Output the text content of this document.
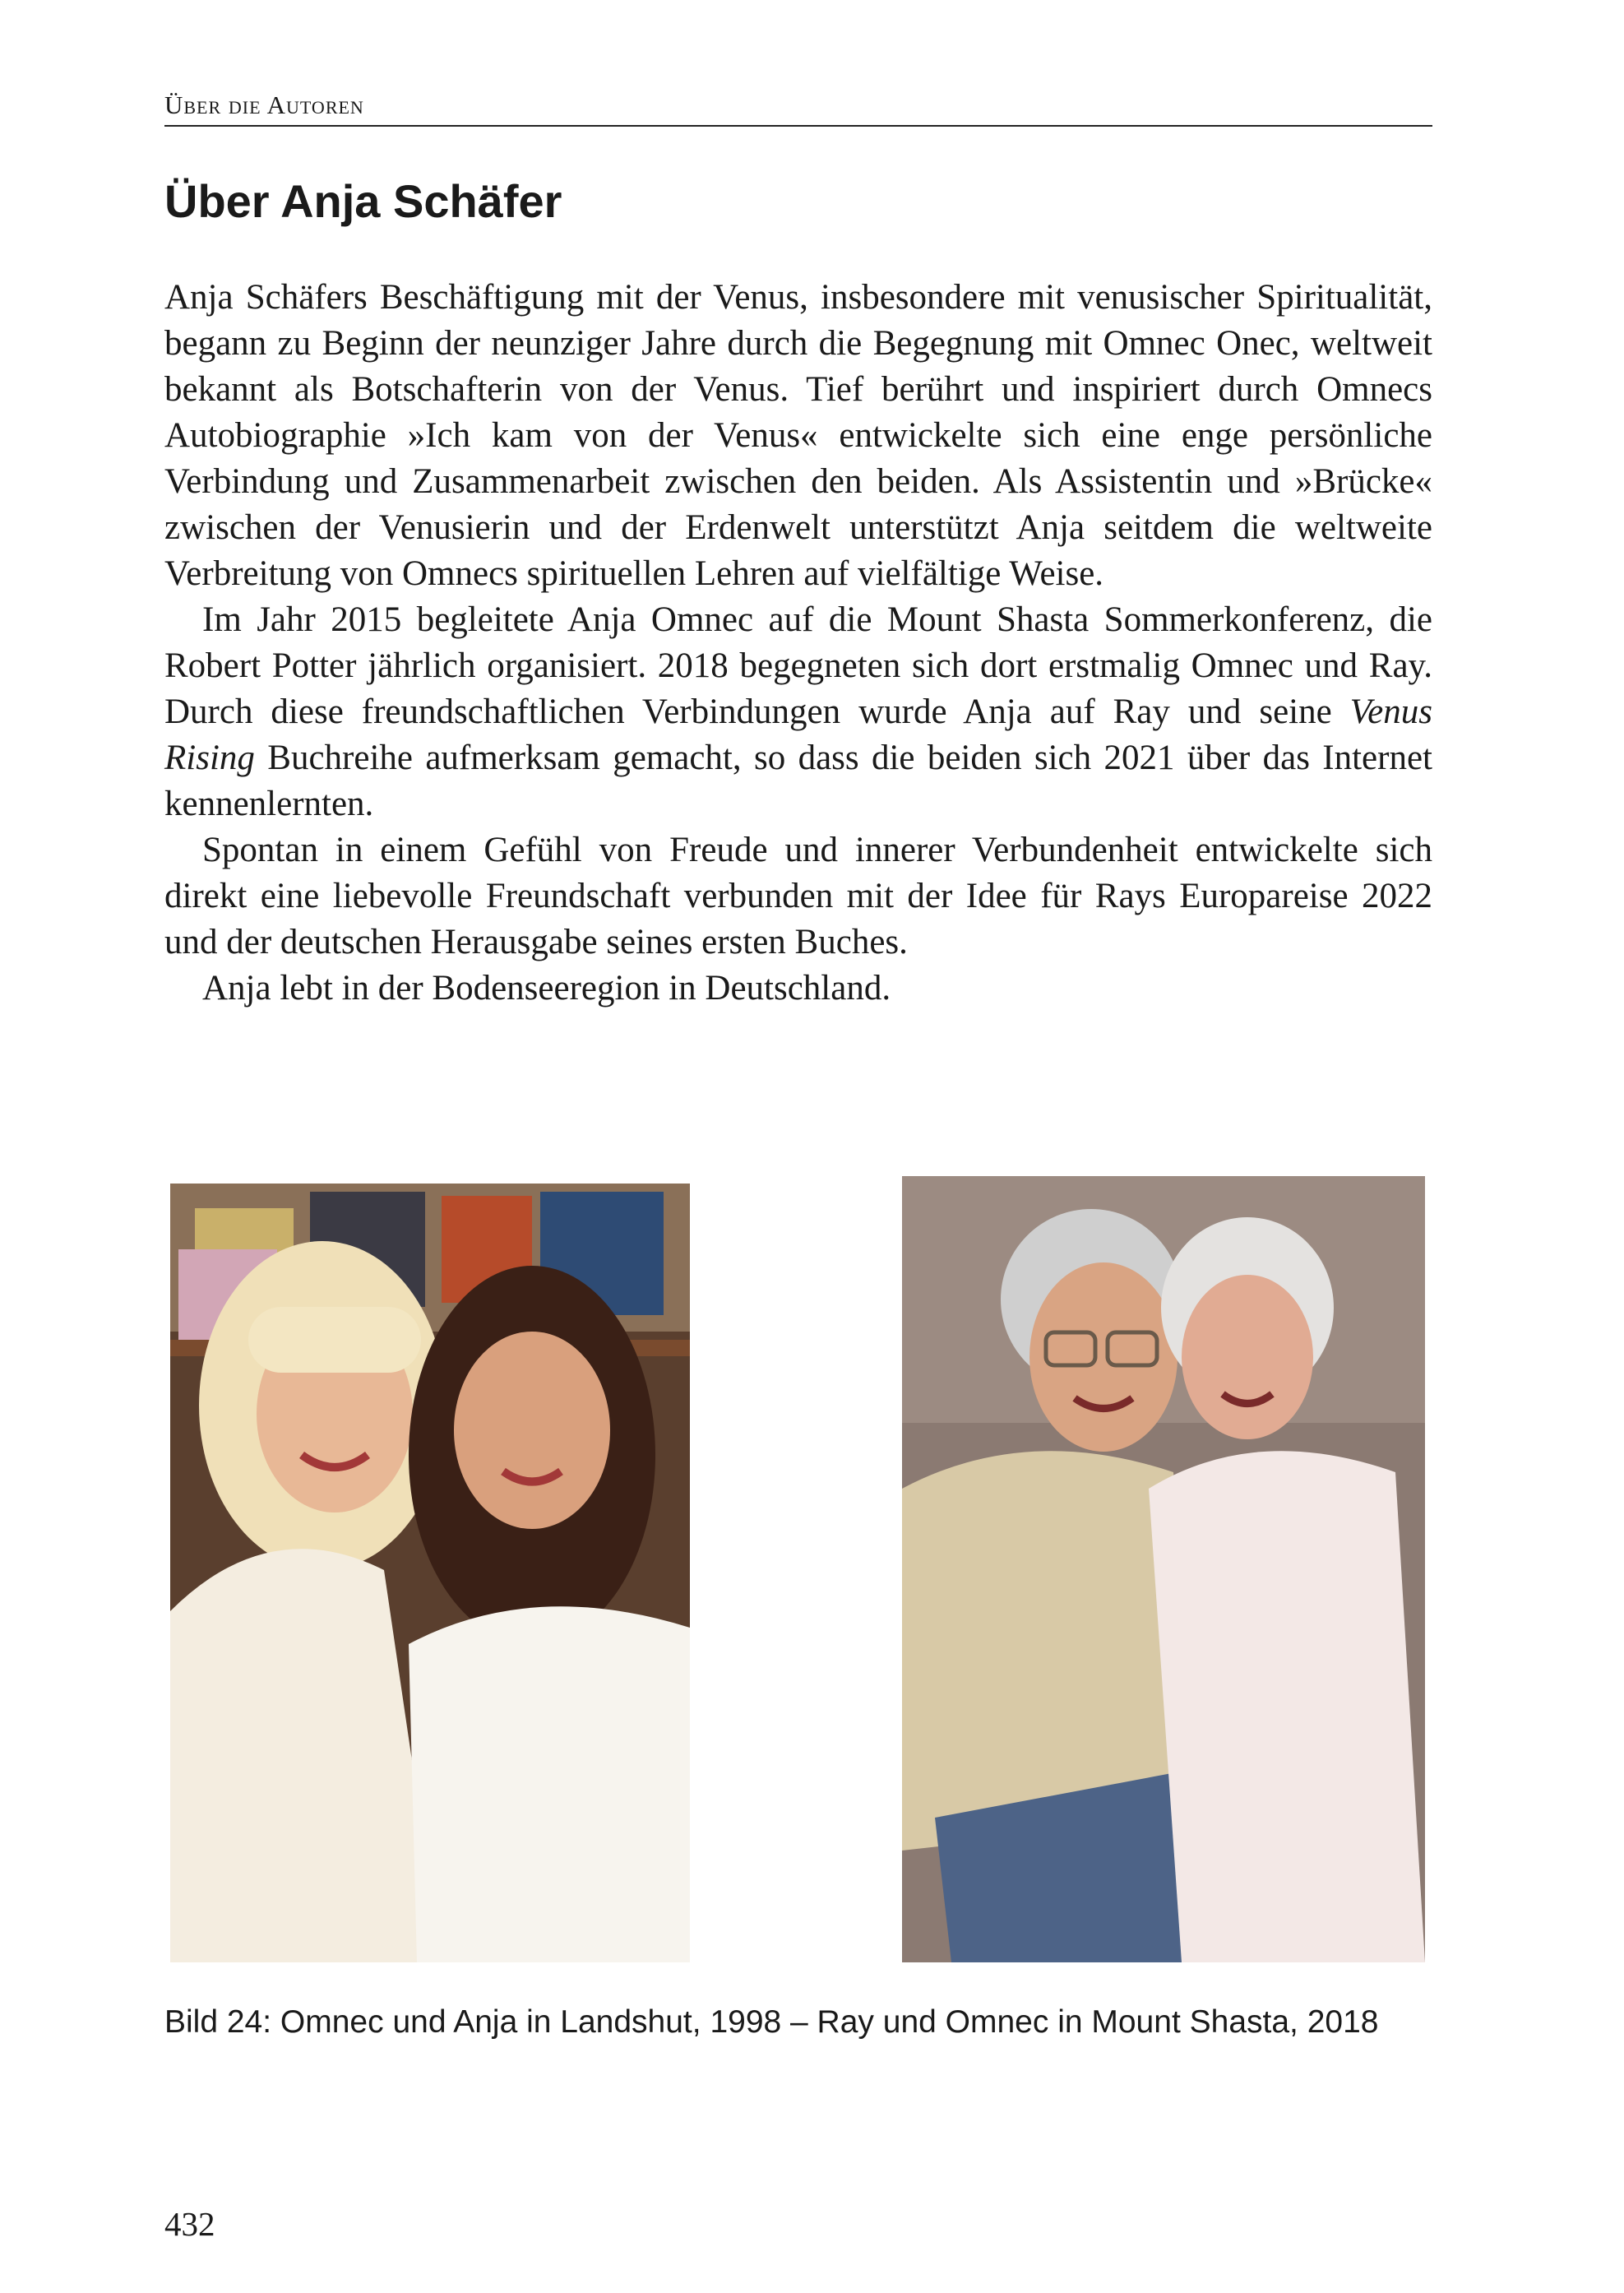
Über die Autoren
Über Anja Schäfer

Anja Schäfers Beschäftigung mit der Venus, insbesondere mit venusischer Spiritualität, begann zu Beginn der neunziger Jahre durch die Begegnung mit Omnec Onec, weltweit bekannt als Botschafterin von der Venus. Tief berührt und inspiriert durch Omnecs Autobiographie »Ich kam von der Venus« entwickelte sich eine enge persönliche Verbindung und Zusammenarbeit zwischen den beiden. Als Assistentin und »Brücke« zwischen der Venusierin und der Erdenwelt unterstützt Anja seitdem die weltweite Verbreitung von Omnecs spirituellen Lehren auf vielfältige Weise.

Im Jahr 2015 begleitete Anja Omnec auf die Mount Shasta Sommerkonferenz, die Robert Potter jährlich organisiert. 2018 begegneten sich dort erstmalig Omnec und Ray. Durch diese freundschaftlichen Verbindungen wurde Anja auf Ray und seine Venus Rising Buchreihe aufmerksam gemacht, so dass die beiden sich 2021 über das Internet kennenlernten.

Spontan in einem Gefühl von Freude und innerer Verbundenheit entwickelte sich direkt eine liebevolle Freundschaft verbunden mit der Idee für Rays Europareise 2022 und der deutschen Herausgabe seines ersten Buches.

Anja lebt in der Bodenseeregion in Deutschland.

Bild 24: Omnec und Anja in Landshut, 1998 – Ray und Omnec in Mount Shasta, 2018
432
